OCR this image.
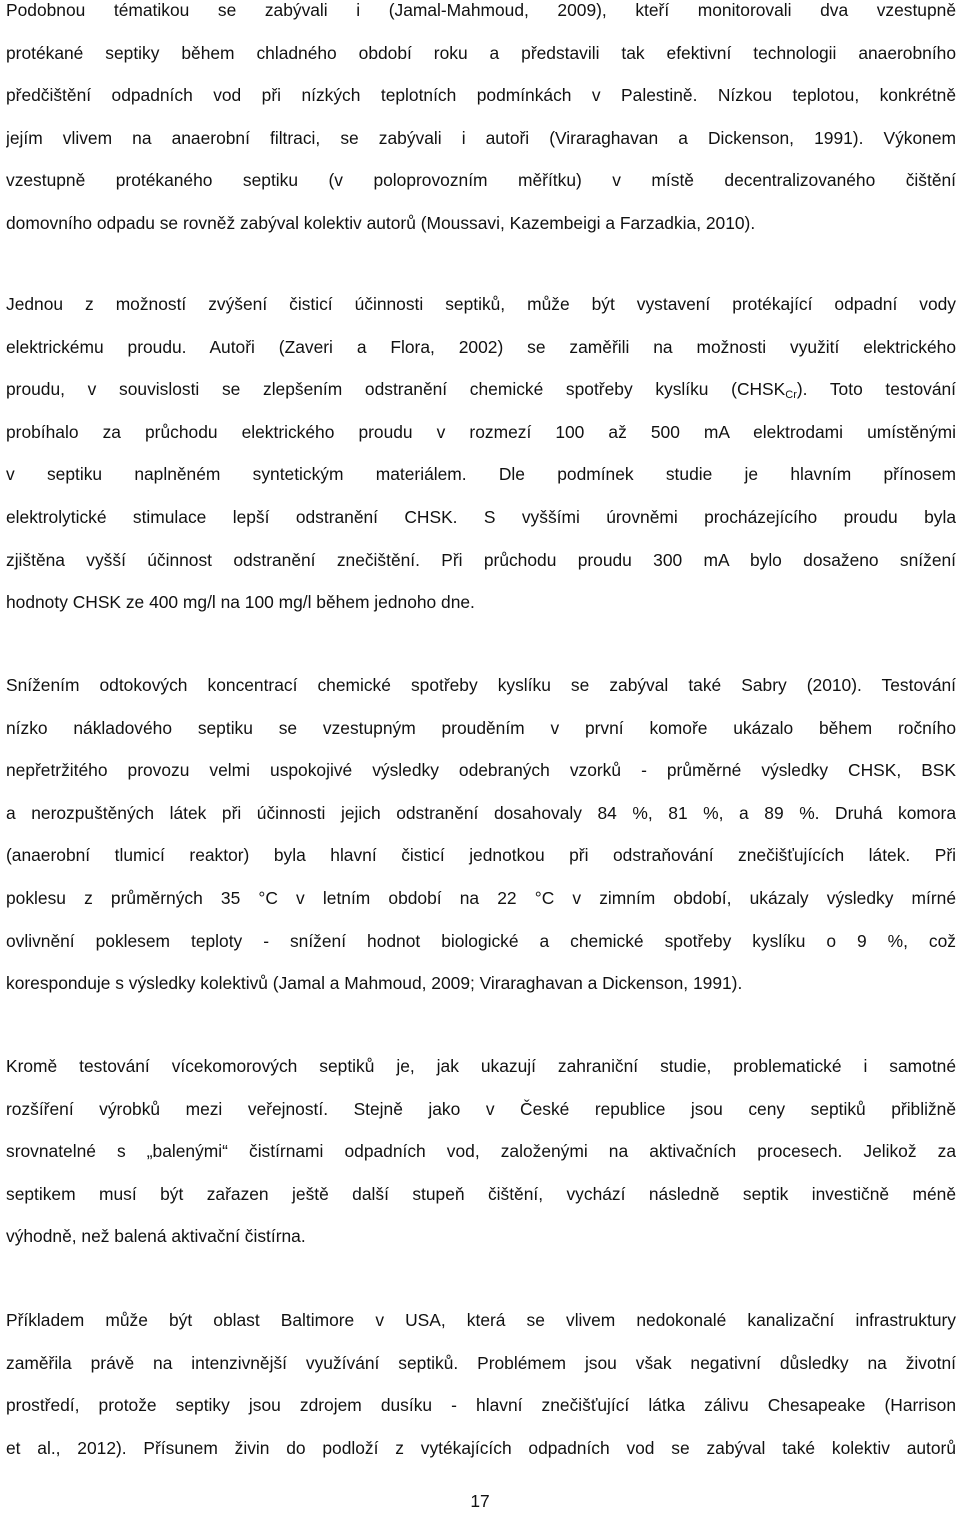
Podobnou tématikou se zabývali i (Jamal-Mahmoud, 2009), kteří monitorovali dva vzestupně
protékané septiky během chladného období roku a představili tak efektivní technologii anaerobního
předčištění odpadních vod při nízkých teplotních podmínkách v Palestině. Nízkou teplotou, konkrétně
jejím vlivem na anaerobní filtraci, se zabývali i autoři (Viraraghavan a Dickenson, 1991). Výkonem
vzestupně protékaného septiku (v poloprovozním měřítku) v místě decentralizovaného čištění
domovního odpadu se rovněž zabýval kolektiv autorů (Moussavi, Kazembeigi a Farzadkia, 2010).
Jednou z možností zvýšení čisticí účinnosti septiků, může být vystavení protékající odpadní vody
elektrickému proudu. Autoři (Zaveri a Flora, 2002) se zaměřili na možnosti využití elektrického
proudu, v souvislosti se zlepšením odstranění chemické spotřeby kyslíku $(CHSK_{Cr})$. Toto testování
probíhalo za průchodu elektrického proudu v rozmezí 100 až 500 mA elektrodami umístěnými
v septiku naplněném syntetickým materiálem. Dle podmínek studie je hlavním přínosem
elektrolytické stimulace lepší odstranění CHSK. S vyššími úrovněmi procházejícího proudu byla
zjištěna vyšší účinnost odstranění znečištění. Při průchodu proudu 300 mA bylo dosaženo snížení
hodnoty CHSK ze 400 mg/l na 100 mg/l během jednoho dne.
Snížením odtokových koncentrací chemické spotřeby kyslíku se zabýval také Sabry (2010). Testování
nízko nákladového septiku se vzestupným prouděním v první komoře ukázalo během ročního
nepřetržitého provozu velmi uspokojivé výsledky odebraných vzorků - průměrné výsledky CHSK, BSK
a nerozpuštěných látek při účinnosti jejich odstranění dosahovaly 84 %, 81 %, a 89 %. Druhá komora
(anaerobní tlumicí reaktor) byla hlavní čisticí jednotkou při odstraňování znečišťujících látek. Při
poklesu z průměrných 35 °C v letním období na 22 °C v zimním období, ukázaly výsledky mírné
ovlivnění poklesem teploty - snížení hodnot biologické a chemické spotřeby kyslíku o 9 %, což
koresponduje s výsledky kolektivů (Jamal a Mahmoud, 2009; Viraraghavan a Dickenson, 1991).
Kromě testování vícekomorových septiků je, jak ukazují zahraniční studie, problematické i samotné
rozšíření výrobků mezi veřejností. Stejně jako v České republice jsou ceny septiků přibližně
srovnatelné s „balenými“ čistírnami odpadních vod, založenými na aktivačních procesech. Jelikož za
septikem musí být zařazen ještě další stupeň čištění, vychází následně septik investičně méně
výhodně, než balená aktivační čistírna.
Příkladem může být oblast Baltimore v USA, která se vlivem nedokonalé kanalizační infrastruktury
zaměřila právě na intenzivnější využívání septiků. Problémem jsou však negativní důsledky na životní
prostředí, protože septiky jsou zdrojem dusíku - hlavní znečišťující látka zálivu Chesapeake (Harrison
et al., 2012). Přísunem živin do podloží z vytékajících odpadních vod se zabýval také kolektiv autorů
17
